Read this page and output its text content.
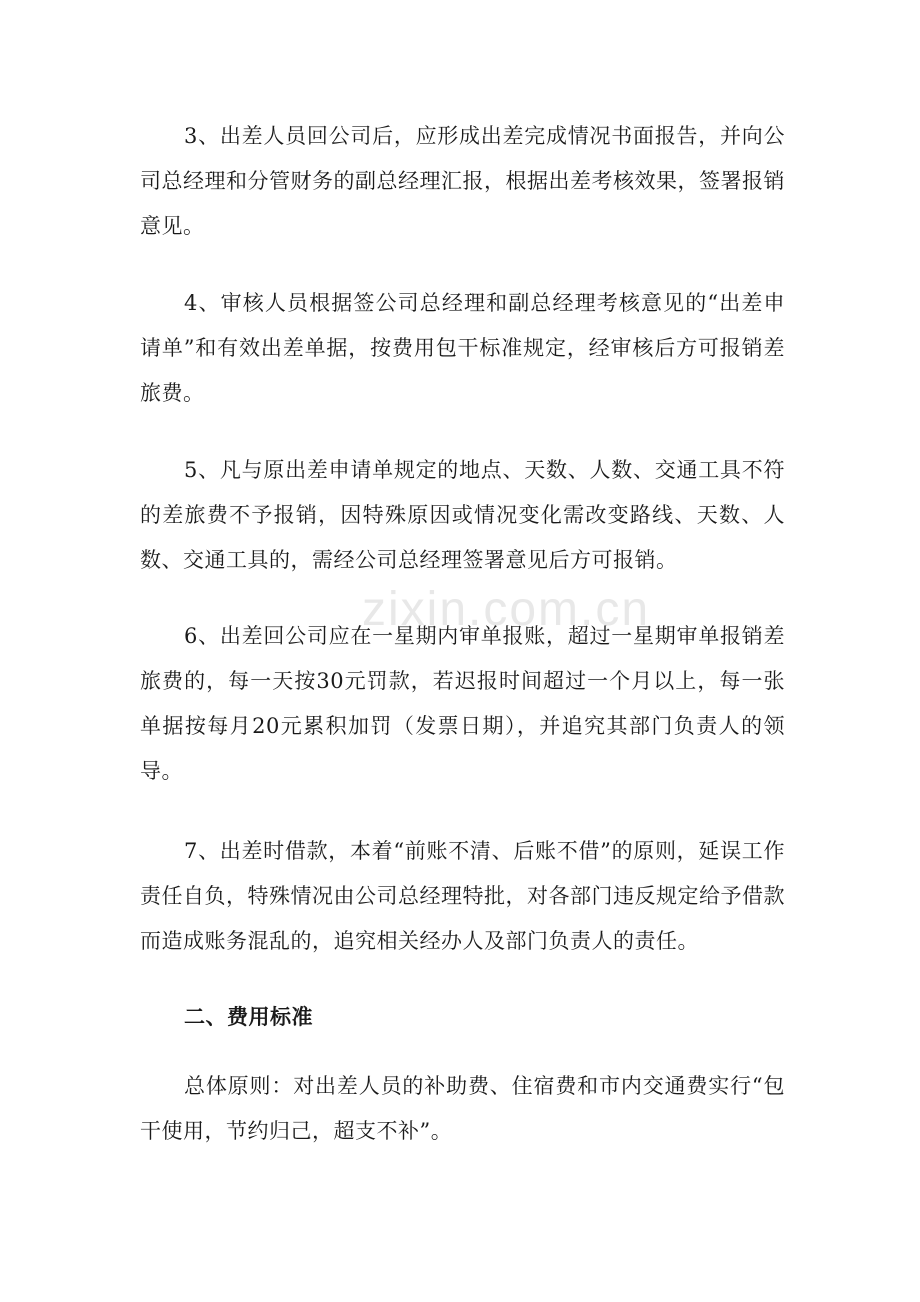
zixin.com.cn

3、出差人员回公司后，应形成出差完成情况书面报告，并向公司总经理和分管财务的副总经理汇报，根据出差考核效果，签署报销意见。

4、审核人员根据签公司总经理和副总经理考核意见的“出差申请单”和有效出差单据，按费用包干标准规定，经审核后方可报销差旅费。

5、凡与原出差申请单规定的地点、天数、人数、交通工具不符的差旅费不予报销，因特殊原因或情况变化需改变路线、天数、人数、交通工具的，需经公司总经理签署意见后方可报销。

6、出差回公司应在一星期内审单报账，超过一星期审单报销差旅费的，每一天按30元罚款，若迟报时间超过一个月以上，每一张单据按每月20元累积加罚（发票日期），并追究其部门负责人的领导。

7、出差时借款，本着“前账不清、后账不借”的原则，延误工作责任自负，特殊情况由公司总经理特批，对各部门违反规定给予借款而造成账务混乱的，追究相关经办人及部门负责人的责任。

二、费用标准

总体原则：对出差人员的补助费、住宿费和市内交通费实行“包干使用，节约归己，超支不补”。
